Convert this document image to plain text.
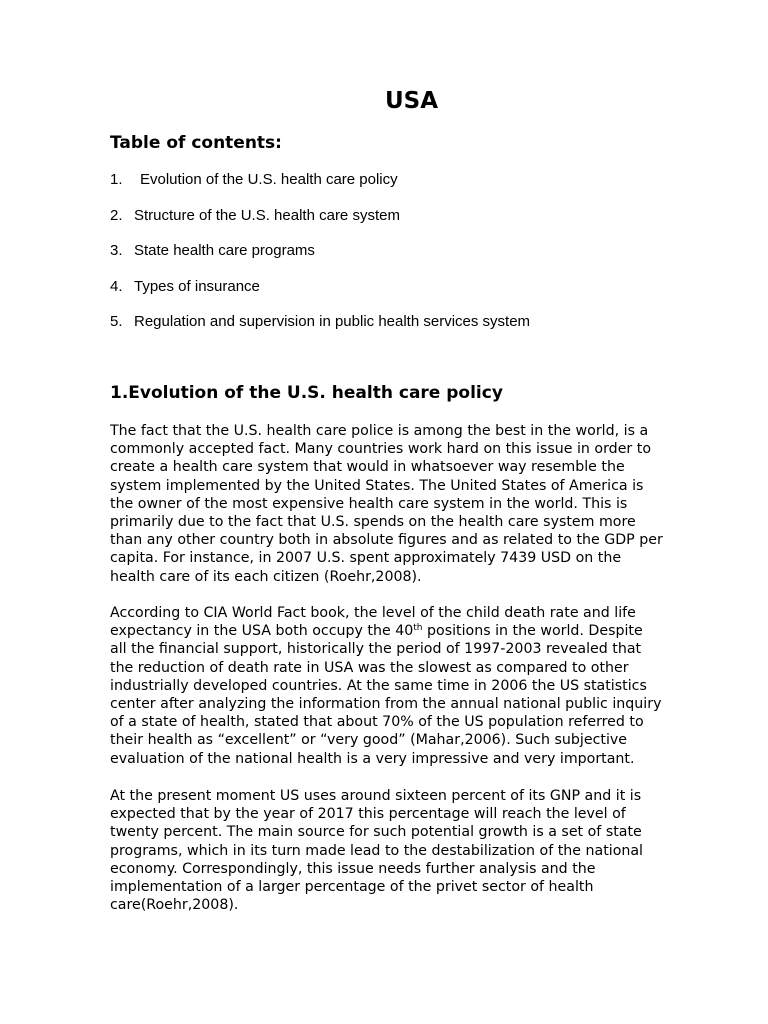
USA
Table of contents:
1. Evolution of the U.S. health care policy
2. Structure of the U.S. health care system
3. State health care programs
4. Types of insurance
5. Regulation and supervision in public health services system
1.Evolution of the U.S. health care policy

The fact that the U.S. health care police is among the best in the world, is a
commonly accepted fact. Many countries work hard on this issue in order to
create a health care system that would in whatsoever way resemble the
system implemented by the United States. The United States of America is
the owner of the most expensive health care system in the world. This is
primarily due to the fact that U.S. spends on the health care system more
than any other country both in absolute figures and as related to the GDP per
capita. For instance, in 2007 U.S. spent approximately 7439 USD on the
health care of its each citizen (Roehr,2008).

According to CIA World Fact book, the level of the child death rate and life
expectancy in the USA both occupy the 40th positions in the world. Despite
all the financial support, historically the period of 1997-2003 revealed that
the reduction of death rate in USA was the slowest as compared to other
industrially developed countries. At the same time in 2006 the US statistics
center after analyzing the information from the annual national public inquiry
of a state of health, stated that about 70% of the US population referred to
their health as “excellent” or “very good” (Mahar,2006). Such subjective
evaluation of the national health is a very impressive and very important.

At the present moment US uses around sixteen percent of its GNP and it is
expected that by the year of 2017 this percentage will reach the level of
twenty percent. The main source for such potential growth is a set of state
programs, which in its turn made lead to the destabilization of the national
economy. Correspondingly, this issue needs further analysis and the
implementation of a larger percentage of the privet sector of health
care(Roehr,2008).
